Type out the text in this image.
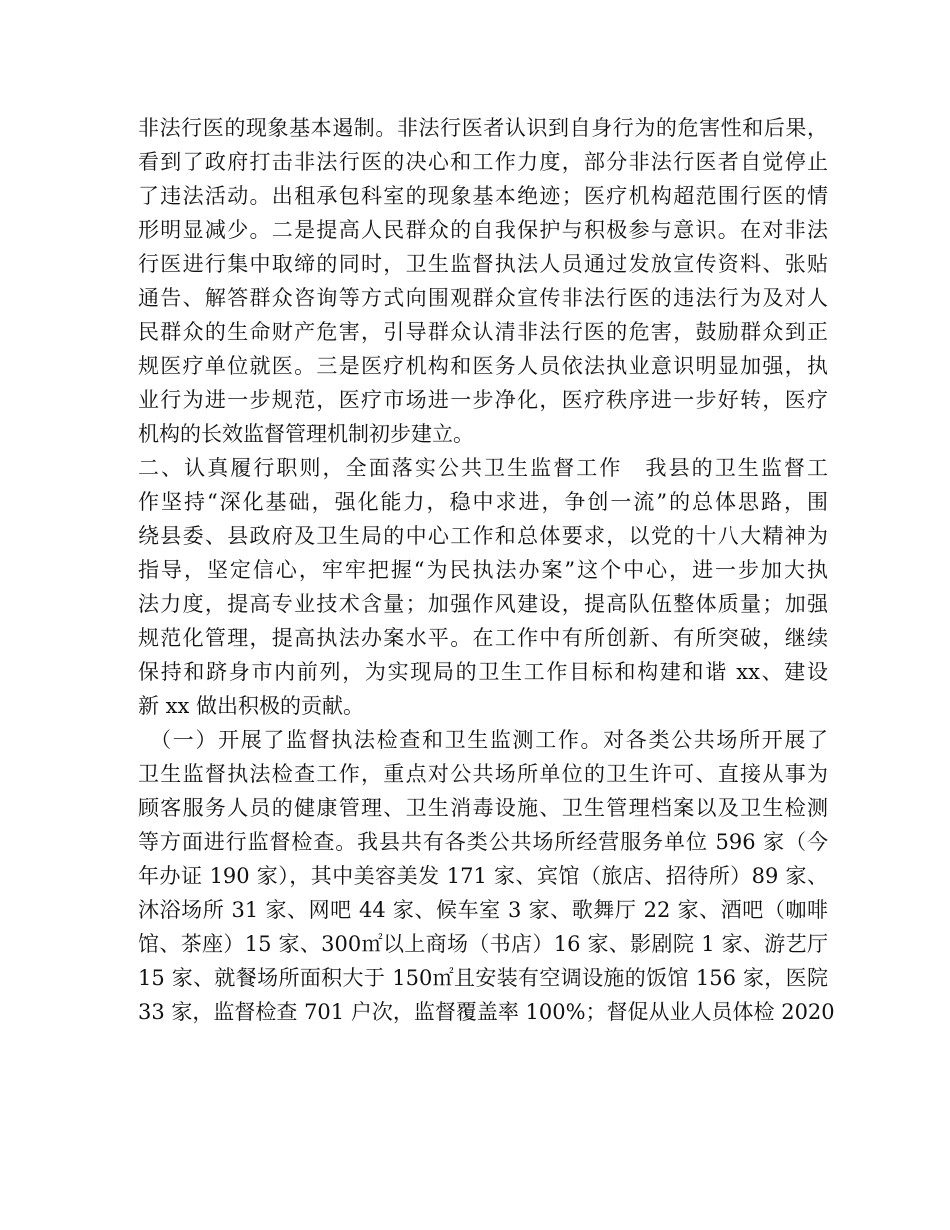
非法行医的现象基本遏制。非法行医者认识到自身行为的危害性和后果，
看到了政府打击非法行医的决心和工作力度，部分非法行医者自觉停止
了违法活动。出租承包科室的现象基本绝迹；医疗机构超范围行医的情
形明显减少。二是提高人民群众的自我保护与积极参与意识。在对非法
行医进行集中取缔的同时，卫生监督执法人员通过发放宣传资料、张贴
通告、解答群众咨询等方式向围观群众宣传非法行医的违法行为及对人
民群众的生命财产危害，引导群众认清非法行医的危害，鼓励群众到正
规医疗单位就医。三是医疗机构和医务人员依法执业意识明显加强，执
业行为进一步规范，医疗市场进一步净化，医疗秩序进一步好转，医疗
机构的长效监督管理机制初步建立。
二、认真履行职则，全面落实公共卫生监督工作　我县的卫生监督工
作坚持“深化基础，强化能力，稳中求进，争创一流”的总体思路，围
绕县委、县政府及卫生局的中心工作和总体要求，以党的十八大精神为
指导，坚定信心，牢牢把握“为民执法办案”这个中心，进一步加大执
法力度，提高专业技术含量；加强作风建设，提高队伍整体质量；加强
规范化管理，提高执法办案水平。在工作中有所创新、有所突破，继续
保持和跻身市内前列，为实现局的卫生工作目标和构建和谐 xx、建设
新 xx 做出积极的贡献。
　（一）开展了监督执法检查和卫生监测工作。对各类公共场所开展了
卫生监督执法检查工作，重点对公共场所单位的卫生许可、直接从事为
顾客服务人员的健康管理、卫生消毒设施、卫生管理档案以及卫生检测
等方面进行监督检查。我县共有各类公共场所经营服务单位 596 家（今
年办证 190 家），其中美容美发 171 家、宾馆（旅店、招待所）89 家、
沐浴场所 31 家、网吧 44 家、候车室 3 家、歌舞厅 22 家、酒吧（咖啡
馆、茶座）15 家、300㎡以上商场（书店）16 家、影剧院 1 家、游艺厅
15 家、就餐场所面积大于 150㎡且安装有空调设施的饭馆 156 家，医院
33 家，监督检查 701 户次，监督覆盖率 100%；督促从业人员体检 2020
